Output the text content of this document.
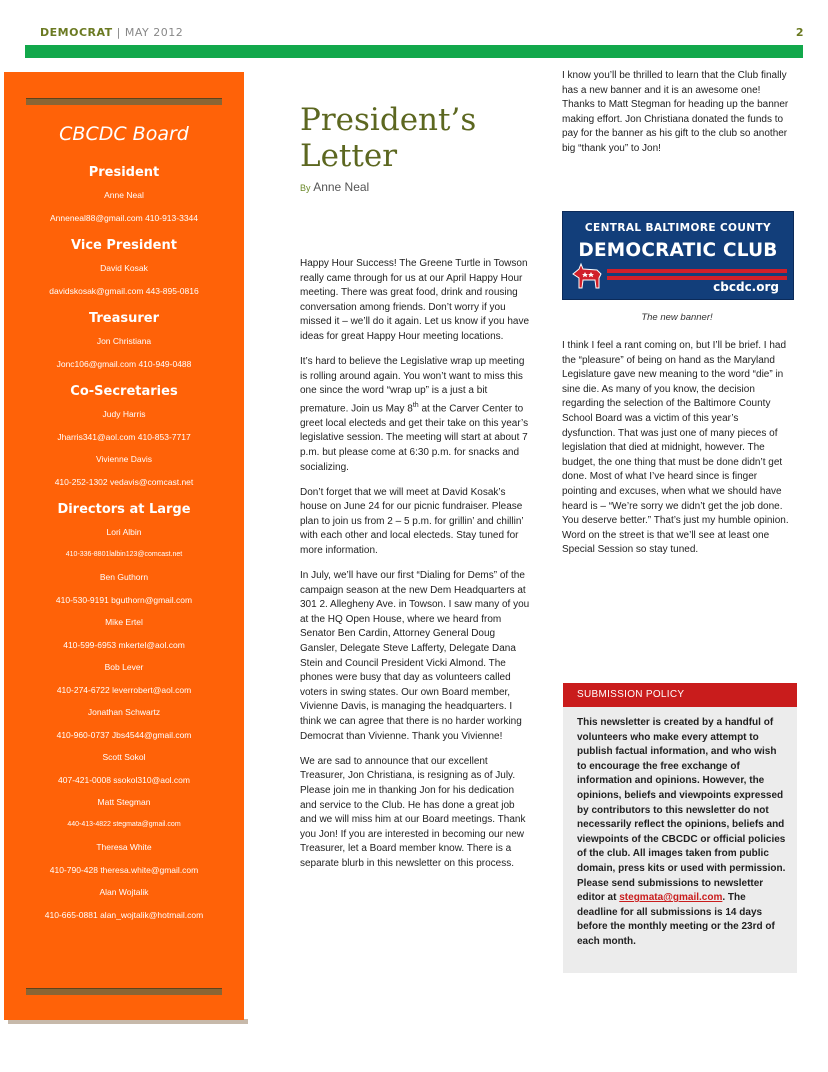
DEMOCRAT | MAY 2012	2
CBCDC Board
President
Anne Neal
Anneneal88@gmail.com 410-913-3344
Vice President
David Kosak
davidskosak@gmail.com 443-895-0816
Treasurer
Jon Christiana
Jonc106@gmail.com 410-949-0488
Co-Secretaries
Judy Harris
Jharris341@aol.com 410-853-7717
Vivienne Davis
410-252-1302 vedavis@comcast.net
Directors at Large
Lori Albin
410-336-8801lalbin123@comcast.net
Ben Guthorn
410-530-9191 bguthorn@gmail.com
Mike Ertel
410-599-6953 mkertel@aol.com
Bob Lever
410-274-6722 leverrobert@aol.com
Jonathan Schwartz
410-960-0737 Jbs4544@gmail.com
Scott Sokol
407-421-0008 ssokol310@aol.com
Matt Stegman
440-413-4822 stegmata@gmail.com
Theresa White
410-790-428 theresa.white@gmail.com
Alan Wojtalik
410-665-0881 alan_wojtalik@hotmail.com
President’s Letter
By Anne Neal

Happy Hour Success! The Greene Turtle in Towson really came through for us at our April Happy Hour meeting. There was great food, drink and rousing conversation among friends. Don’t worry if you missed it – we’ll do it again. Let us know if you have ideas for great Happy Hour meeting locations.

It’s hard to believe the Legislative wrap up meeting is rolling around again. You won’t want to miss this one since the word “wrap up” is a just a bit premature. Join us May 8th at the Carver Center to greet local electeds and get their take on this year’s legislative session. The meeting will start at about 7 p.m. but please come at 6:30 p.m. for snacks and socializing.

Don’t forget that we will meet at David Kosak’s house on June 24 for our picnic fundraiser. Please plan to join us from 2 – 5 p.m. for grillin’ and chillin’ with each other and local electeds. Stay tuned for more information.

In July, we’ll have our first “Dialing for Dems” of the campaign season at the new Dem Headquarters at 301 2. Allegheny Ave. in Towson. I saw many of you at the HQ Open House, where we heard from Senator Ben Cardin, Attorney General Doug Gansler, Delegate Steve Lafferty, Delegate Dana Stein and Council President Vicki Almond. The phones were busy that day as volunteers called voters in swing states. Our own Board member, Vivienne Davis, is managing the headquarters. I think we can agree that there is no harder working Democrat than Vivienne. Thank you Vivienne!

We are sad to announce that our excellent Treasurer, Jon Christiana, is resigning as of July. Please join me in thanking Jon for his dedication and service to the Club. He has done a great job and we will miss him at our Board meetings. Thank you Jon! If you are interested in becoming our new Treasurer, let a Board member know. There is a separate blurb in this newsletter on this process.

I know you’ll be thrilled to learn that the Club finally has a new banner and it is an awesome one! Thanks to Matt Stegman for heading up the banner making effort. Jon Christiana donated the funds to pay for the banner as his gift to the club so another big “thank you” to Jon!

CENTRAL BALTIMORE COUNTY
DEMOCRATIC CLUB
cbcdc.org
The new banner!

I think I feel a rant coming on, but I’ll be brief. I had the “pleasure” of being on hand as the Maryland Legislature gave new meaning to the word “die” in sine die. As many of you know, the decision regarding the selection of the Baltimore County School Board was a victim of this year’s dysfunction. That was just one of many pieces of legislation that died at midnight, however. The budget, the one thing that must be done didn’t get done. Most of what I’ve heard since is finger pointing and excuses, when what we should have heard is – “We’re sorry we didn’t get the job done. You deserve better.” That’s just my humble opinion. Word on the street is that we’ll see at least one Special Session so stay tuned.

SUBMISSION POLICY
This newsletter is created by a handful of volunteers who make every attempt to publish factual information, and who wish to encourage the free exchange of information and opinions. However, the opinions, beliefs and viewpoints expressed by contributors to this newsletter do not necessarily reflect the opinions, beliefs and viewpoints of the CBCDC or official policies of the club. All images taken from public domain, press kits or used with permission. Please send submissions to newsletter editor at stegmata@gmail.com. The deadline for all submissions is 14 days before the monthly meeting or the 23rd of each month.
